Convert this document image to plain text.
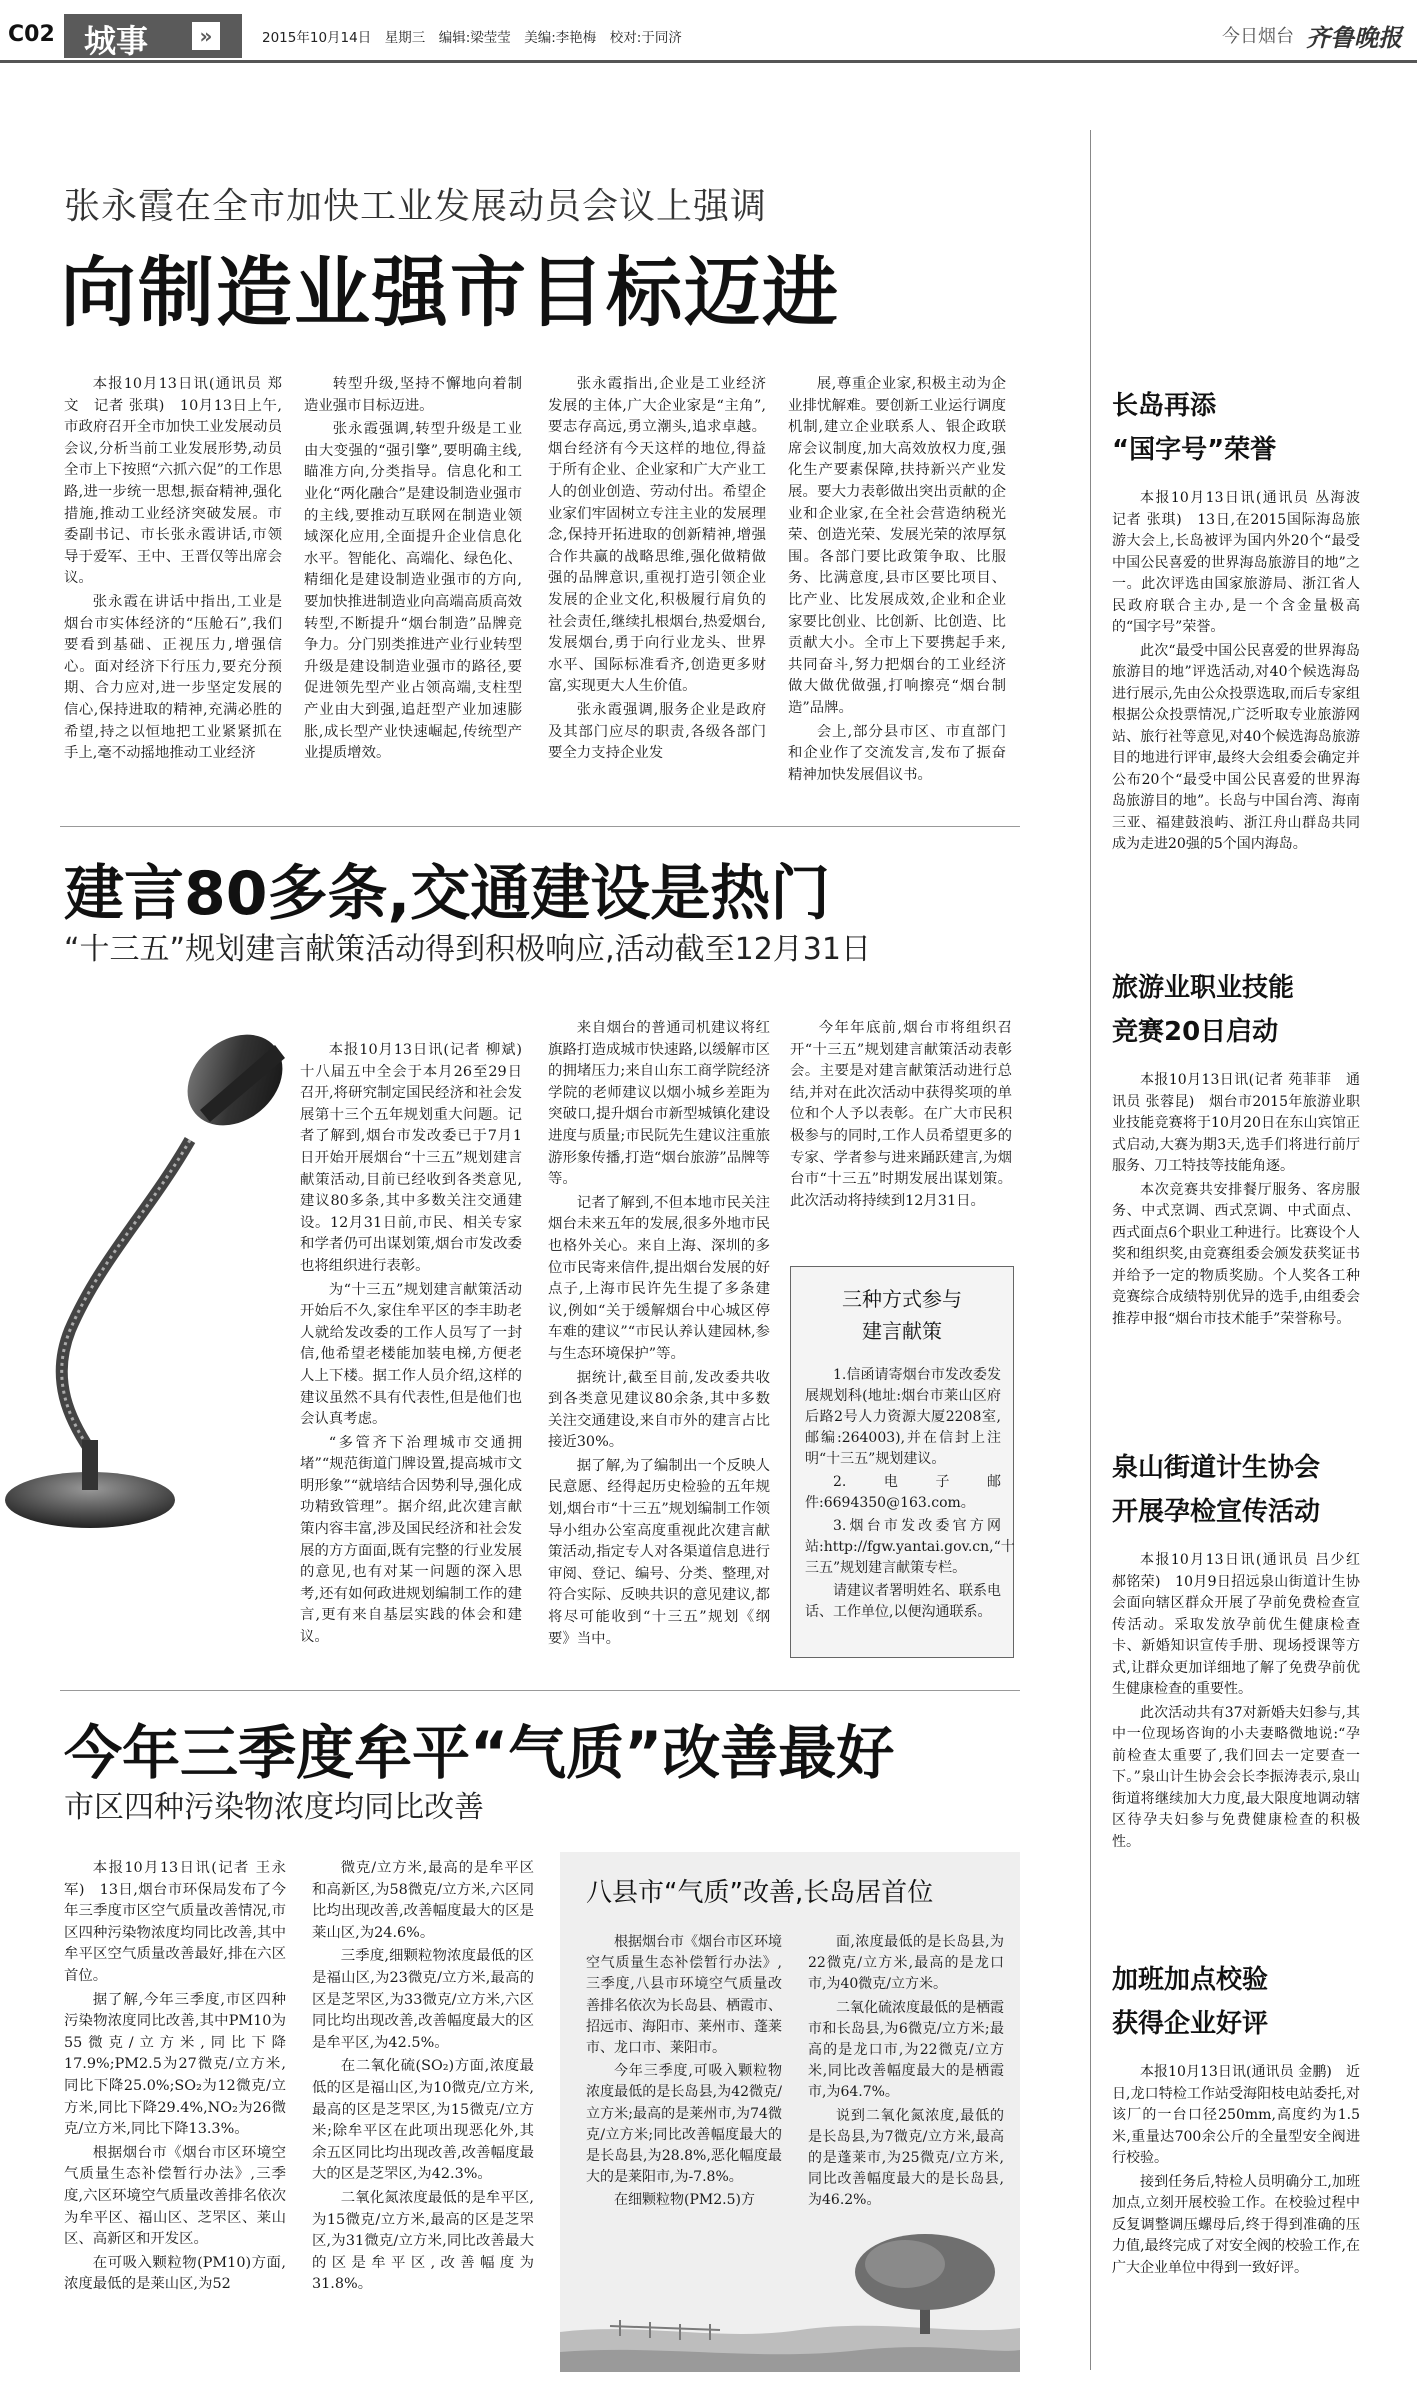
C02 城事	»	2015年10月14日　星期三　编辑:梁莹莹　美编:李艳梅　校对:于同济	今日烟台 齐鲁晚报
张永霞在全市加快工业发展动员会议上强调
向制造业强市目标迈进

本报10月13日讯(通讯员 郑文　记者 张琪)　10月13日上午,市政府召开全市加快工业发展动员会议,分析当前工业发展形势,动员全市上下按照“六抓六促”的工作思路,进一步统一思想,振奋精神,强化措施,推动工业经济突破发展。市委副书记、市长张永霞讲话,市领导于爱军、王中、王晋仅等出席会议。

张永霞在讲话中指出,工业是烟台市实体经济的“压舱石”,我们要看到基础、正视压力,增强信心。面对经济下行压力,要充分预期、合力应对,进一步坚定发展的信心,保持进取的精神,充满必胜的希望,持之以恒地把工业紧紧抓在手上,毫不动摇地推动工业经济

转型升级,坚持不懈地向着制造业强市目标迈进。

张永霞强调,转型升级是工业由大变强的“强引擎”,要明确主线,瞄准方向,分类指导。信息化和工业化“两化融合”是建设制造业强市的主线,要推动互联网在制造业领域深化应用,全面提升企业信息化水平。智能化、高端化、绿色化、精细化是建设制造业强市的方向,要加快推进制造业向高端高质高效转型,不断提升“烟台制造”品牌竞争力。分门别类推进产业行业转型升级是建设制造业强市的路径,要促进领先型产业占领高端,支柱型产业由大到强,追赶型产业加速膨胀,成长型产业快速崛起,传统型产业提质增效。

张永霞指出,企业是工业经济发展的主体,广大企业家是“主角”,要志存高远,勇立潮头,追求卓越。烟台经济有今天这样的地位,得益于所有企业、企业家和广大产业工人的创业创造、劳动付出。希望企业家们牢固树立专注主业的发展理念,保持开拓进取的创新精神,增强合作共赢的战略思维,强化做精做强的品牌意识,重视打造引领企业发展的企业文化,积极履行肩负的社会责任,继续扎根烟台,热爱烟台,发展烟台,勇于向行业龙头、世界水平、国际标准看齐,创造更多财富,实现更大人生价值。

张永霞强调,服务企业是政府及其部门应尽的职责,各级各部门要全力支持企业发

展,尊重企业家,积极主动为企业排忧解难。要创新工业运行调度机制,建立企业联系人、银企政联席会议制度,加大高效放权力度,强化生产要素保障,扶持新兴产业发展。要大力表彰做出突出贡献的企业和企业家,在全社会营造纳税光荣、创造光荣、发展光荣的浓厚氛围。各部门要比政策争取、比服务、比满意度,县市区要比项目、比产业、比发展成效,企业和企业家要比创业、比创新、比创造、比贡献大小。全市上下要携起手来,共同奋斗,努力把烟台的工业经济做大做优做强,打响擦亮“烟台制造”品牌。

会上,部分县市区、市直部门和企业作了交流发言,发布了振奋精神加快发展倡议书。

建言80多条,交通建设是热门
“十三五”规划建言献策活动得到积极响应,活动截至12月31日

本报10月13日讯(记者 柳斌)　十八届五中全会于本月26至29日召开,将研究制定国民经济和社会发展第十三个五年规划重大问题。记者了解到,烟台市发改委已于7月1日开始开展烟台“十三五”规划建言献策活动,目前已经收到各类意见,建议80多条,其中多数关注交通建设。12月31日前,市民、相关专家和学者仍可出谋划策,烟台市发改委也将组织进行表彰。

为“十三五”规划建言献策活动开始后不久,家住牟平区的李丰助老人就给发改委的工作人员写了一封信,他希望老楼能加装电梯,方便老人上下楼。据工作人员介绍,这样的建议虽然不具有代表性,但是他们也会认真考虑。

“多管齐下治理城市交通拥堵”“规范街道门牌设置,提高城市文明形象”“就培结合因势利导,强化成功精致管理”。据介绍,此次建言献策内容丰富,涉及国民经济和社会发展的方方面面,既有完整的行业发展的意见,也有对某一问题的深入思考,还有如何政进规划编制工作的建言,更有来自基层实践的体会和建议。

来自烟台的普通司机建议将红旗路打造成城市快速路,以缓解市区的拥堵压力;来自山东工商学院经济学院的老师建议以烟小城乡差距为突破口,提升烟台市新型城镇化建设进度与质量;市民阮先生建议注重旅游形象传播,打造“烟台旅游”品牌等等。

记者了解到,不但本地市民关注烟台未来五年的发展,很多外地市民也格外关心。来自上海、深圳的多位市民寄来信件,提出烟台发展的好点子,上海市民许先生提了多条建议,例如“关于缓解烟台中心城区停车难的建议”“市民认养认建园林,参与生态环境保护”等。

据统计,截至目前,发改委共收到各类意见建议80余条,其中多数关注交通建设,来自市外的建言占比接近30%。

据了解,为了编制出一个反映人民意愿、经得起历史检验的五年规划,烟台市“十三五”规划编制工作领导小组办公室高度重视此次建言献策活动,指定专人对各渠道信息进行审阅、登记、编号、分类、整理,对符合实际、反映共识的意见建议,都将尽可能收到“十三五”规划《纲要》当中。

今年年底前,烟台市将组织召开“十三五”规划建言献策活动表彰会。主要是对建言献策活动进行总结,并对在此次活动中获得奖项的单位和个人予以表彰。在广大市民积极参与的同时,工作人员希望更多的专家、学者参与进来踊跃建言,为烟台市“十三五”时期发展出谋划策。此次活动将持续到12月31日。

三种方式参与
建言献策

1.信函请寄烟台市发改委发展规划科(地址:烟台市莱山区府后路2号人力资源大厦2208室,邮编:264003),并在信封上注明“十三五”规划建议。

2.电子邮件:6694350@163.com。

3.烟台市发改委官方网站:http://fgw.yantai.gov.cn,“十三五”规划建言献策专栏。

请建议者署明姓名、联系电话、工作单位,以便沟通联系。

今年三季度牟平“气质”改善最好
市区四种污染物浓度均同比改善

本报10月13日讯(记者 王永军)　13日,烟台市环保局发布了今年三季度市区空气质量改善情况,市区四种污染物浓度均同比改善,其中牟平区空气质量改善最好,排在六区首位。

据了解,今年三季度,市区四种污染物浓度同比改善,其中PM10为55微克/立方米,同比下降17.9%;PM2.5为27微克/立方米,同比下降25.0%;SO₂为12微克/立方米,同比下降29.4%,NO₂为26微克/立方米,同比下降13.3%。

根据烟台市《烟台市区环境空气质量生态补偿暂行办法》,三季度,六区环境空气质量改善排名依次为牟平区、福山区、芝罘区、莱山区、高新区和开发区。

在可吸入颗粒物(PM10)方面,浓度最低的是莱山区,为52

微克/立方米,最高的是牟平区和高新区,为58微克/立方米,六区同比均出现改善,改善幅度最大的区是莱山区,为24.6%。

三季度,细颗粒物浓度最低的区是福山区,为23微克/立方米,最高的区是芝罘区,为33微克/立方米,六区同比均出现改善,改善幅度最大的区是牟平区,为42.5%。

在二氧化硫(SO₂)方面,浓度最低的区是福山区,为10微克/立方米,最高的区是芝罘区,为15微克/立方米;除牟平区在此项出现恶化外,其余五区同比均出现改善,改善幅度最大的区是芝罘区,为42.3%。

二氧化氮浓度最低的是牟平区,为15微克/立方米,最高的区是芝罘区,为31微克/立方米,同比改善最大的区是牟平区,改善幅度为31.8%。

八县市“气质”改善,长岛居首位

根据烟台市《烟台市区环境空气质量生态补偿暂行办法》,三季度,八县市环境空气质量改善排名依次为长岛县、栖霞市、招远市、海阳市、莱州市、蓬莱市、龙口市、莱阳市。

今年三季度,可吸入颗粒物浓度最低的是长岛县,为42微克/立方米;最高的是莱州市,为74微克/立方米;同比改善幅度最大的是长岛县,为28.8%,恶化幅度最大的是莱阳市,为-7.8%。

在细颗粒物(PM2.5)方

面,浓度最低的是长岛县,为22微克/立方米,最高的是龙口市,为40微克/立方米。

二氧化硫浓度最低的是栖霞市和长岛县,为6微克/立方米;最高的是龙口市,为22微克/立方米,同比改善幅度最大的是栖霞市,为64.7%。

说到二氧化氮浓度,最低的是长岛县,为7微克/立方米,最高的是蓬莱市,为25微克/立方米,同比改善幅度最大的是长岛县,为46.2%。

长岛再添
“国字号”荣誉

本报10月13日讯(通讯员 丛海波　记者 张琪)　13日,在2015国际海岛旅游大会上,长岛被评为国内外20个“最受中国公民喜爱的世界海岛旅游目的地”之一。此次评选由国家旅游局、浙江省人民政府联合主办,是一个含金量极高的“国字号”荣誉。

此次“最受中国公民喜爱的世界海岛旅游目的地”评选活动,对40个候选海岛进行展示,先由公众投票选取,而后专家组根据公众投票情况,广泛听取专业旅游网站、旅行社等意见,对40个候选海岛旅游目的地进行评审,最终大会组委会确定并公布20个“最受中国公民喜爱的世界海岛旅游目的地”。长岛与中国台湾、海南三亚、福建鼓浪屿、浙江舟山群岛共同成为走进20强的5个国内海岛。

旅游业职业技能
竞赛20日启动

本报10月13日讯(记者 苑菲菲　通讯员 张蓉昆)　烟台市2015年旅游业职业技能竞赛将于10月20日在东山宾馆正式启动,大赛为期3天,选手们将进行前厅服务、刀工特技等技能角逐。

本次竞赛共安排餐厅服务、客房服务、中式烹调、西式烹调、中式面点、西式面点6个职业工种进行。比赛设个人奖和组织奖,由竞赛组委会颁发获奖证书并给予一定的物质奖励。个人奖各工种竞赛综合成绩特别优异的选手,由组委会推荐申报“烟台市技术能手”荣誉称号。

泉山街道计生协会
开展孕检宣传活动

本报10月13日讯(通讯员 吕少红　郝铭荣)　10月9日招远泉山街道计生协会面向辖区群众开展了孕前免费检查宣传活动。采取发放孕前优生健康检查卡、新婚知识宣传手册、现场授课等方式,让群众更加详细地了解了免费孕前优生健康检查的重要性。

此次活动共有37对新婚夫妇参与,其中一位现场咨询的小夫妻略微地说:“孕前检查太重要了,我们回去一定要查一下。”泉山计生协会会长李振涛表示,泉山街道将继续加大力度,最大限度地调动辖区待孕夫妇参与免费健康检查的积极性。

加班加点校验
获得企业好评

本报10月13日讯(通讯员 金鹏)　近日,龙口特检工作站受海阳枝电站委托,对该厂的一台口径250mm,高度约为1.5米,重量达700余公斤的全量型安全阀进行校验。

接到任务后,特检人员明确分工,加班加点,立刻开展校验工作。在校验过程中反复调整调压螺母后,终于得到准确的压力值,最终完成了对安全阀的校验工作,在广大企业单位中得到一致好评。
